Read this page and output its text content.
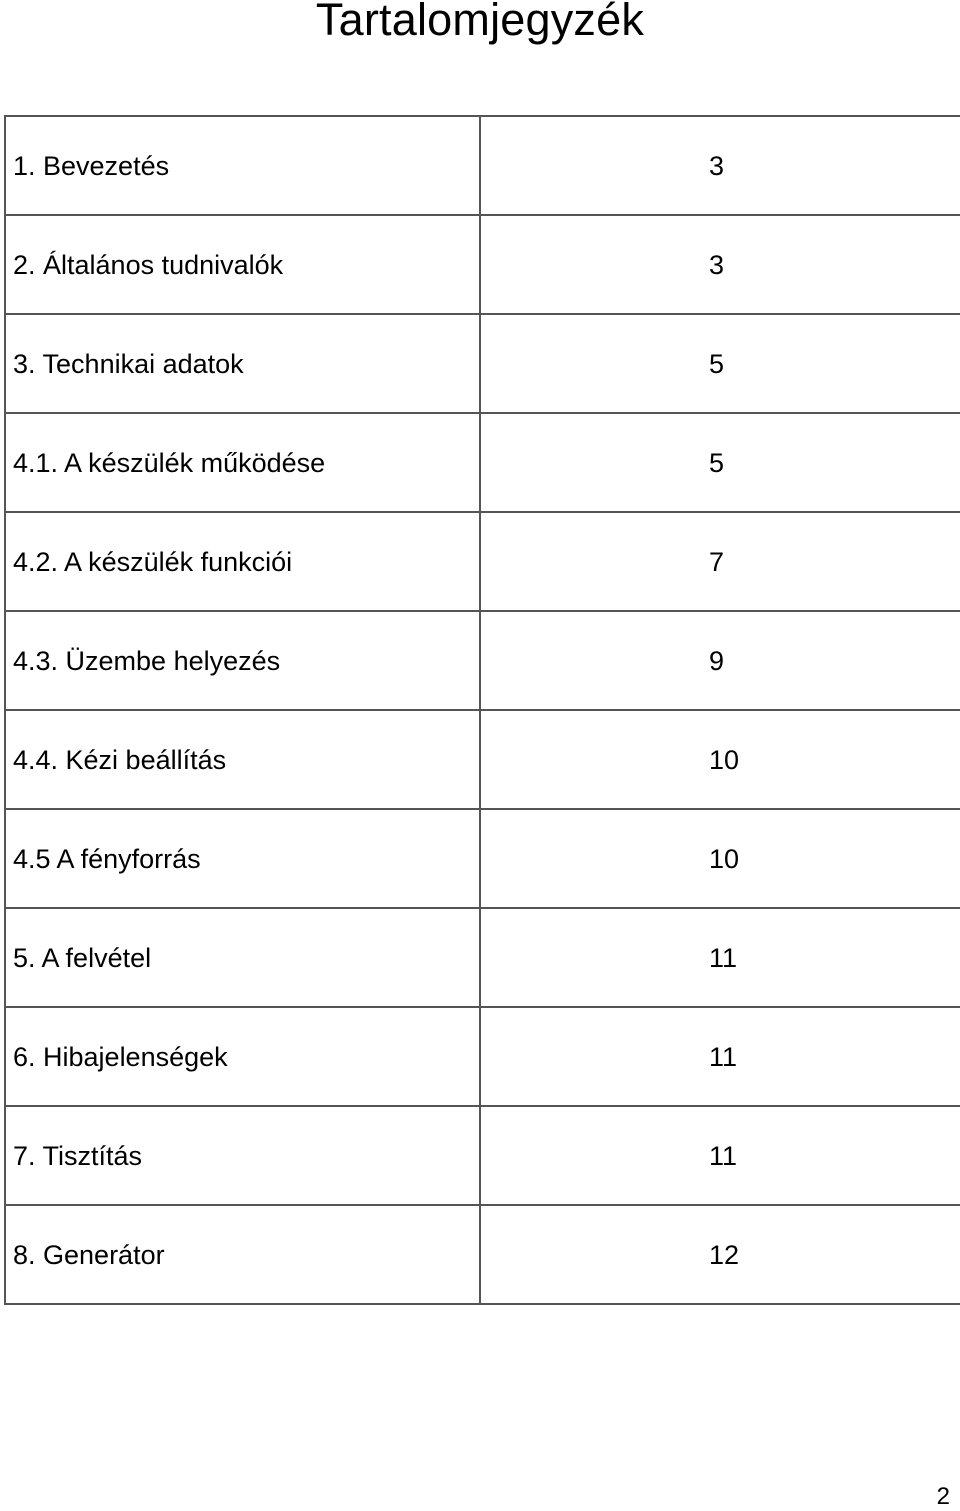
Tartalomjegyzék
1. Bevezetés	3
2. Általános tudnivalók	3
3. Technikai adatok	5
4.1. A készülék működése	5
4.2. A készülék funkciói	7
4.3. Üzembe helyezés	9
4.4. Kézi beállítás	10
4.5 A fényforrás	10
5. A felvétel	11
6. Hibajelenségek	11
7. Tisztítás	11
8. Generátor	12
2
